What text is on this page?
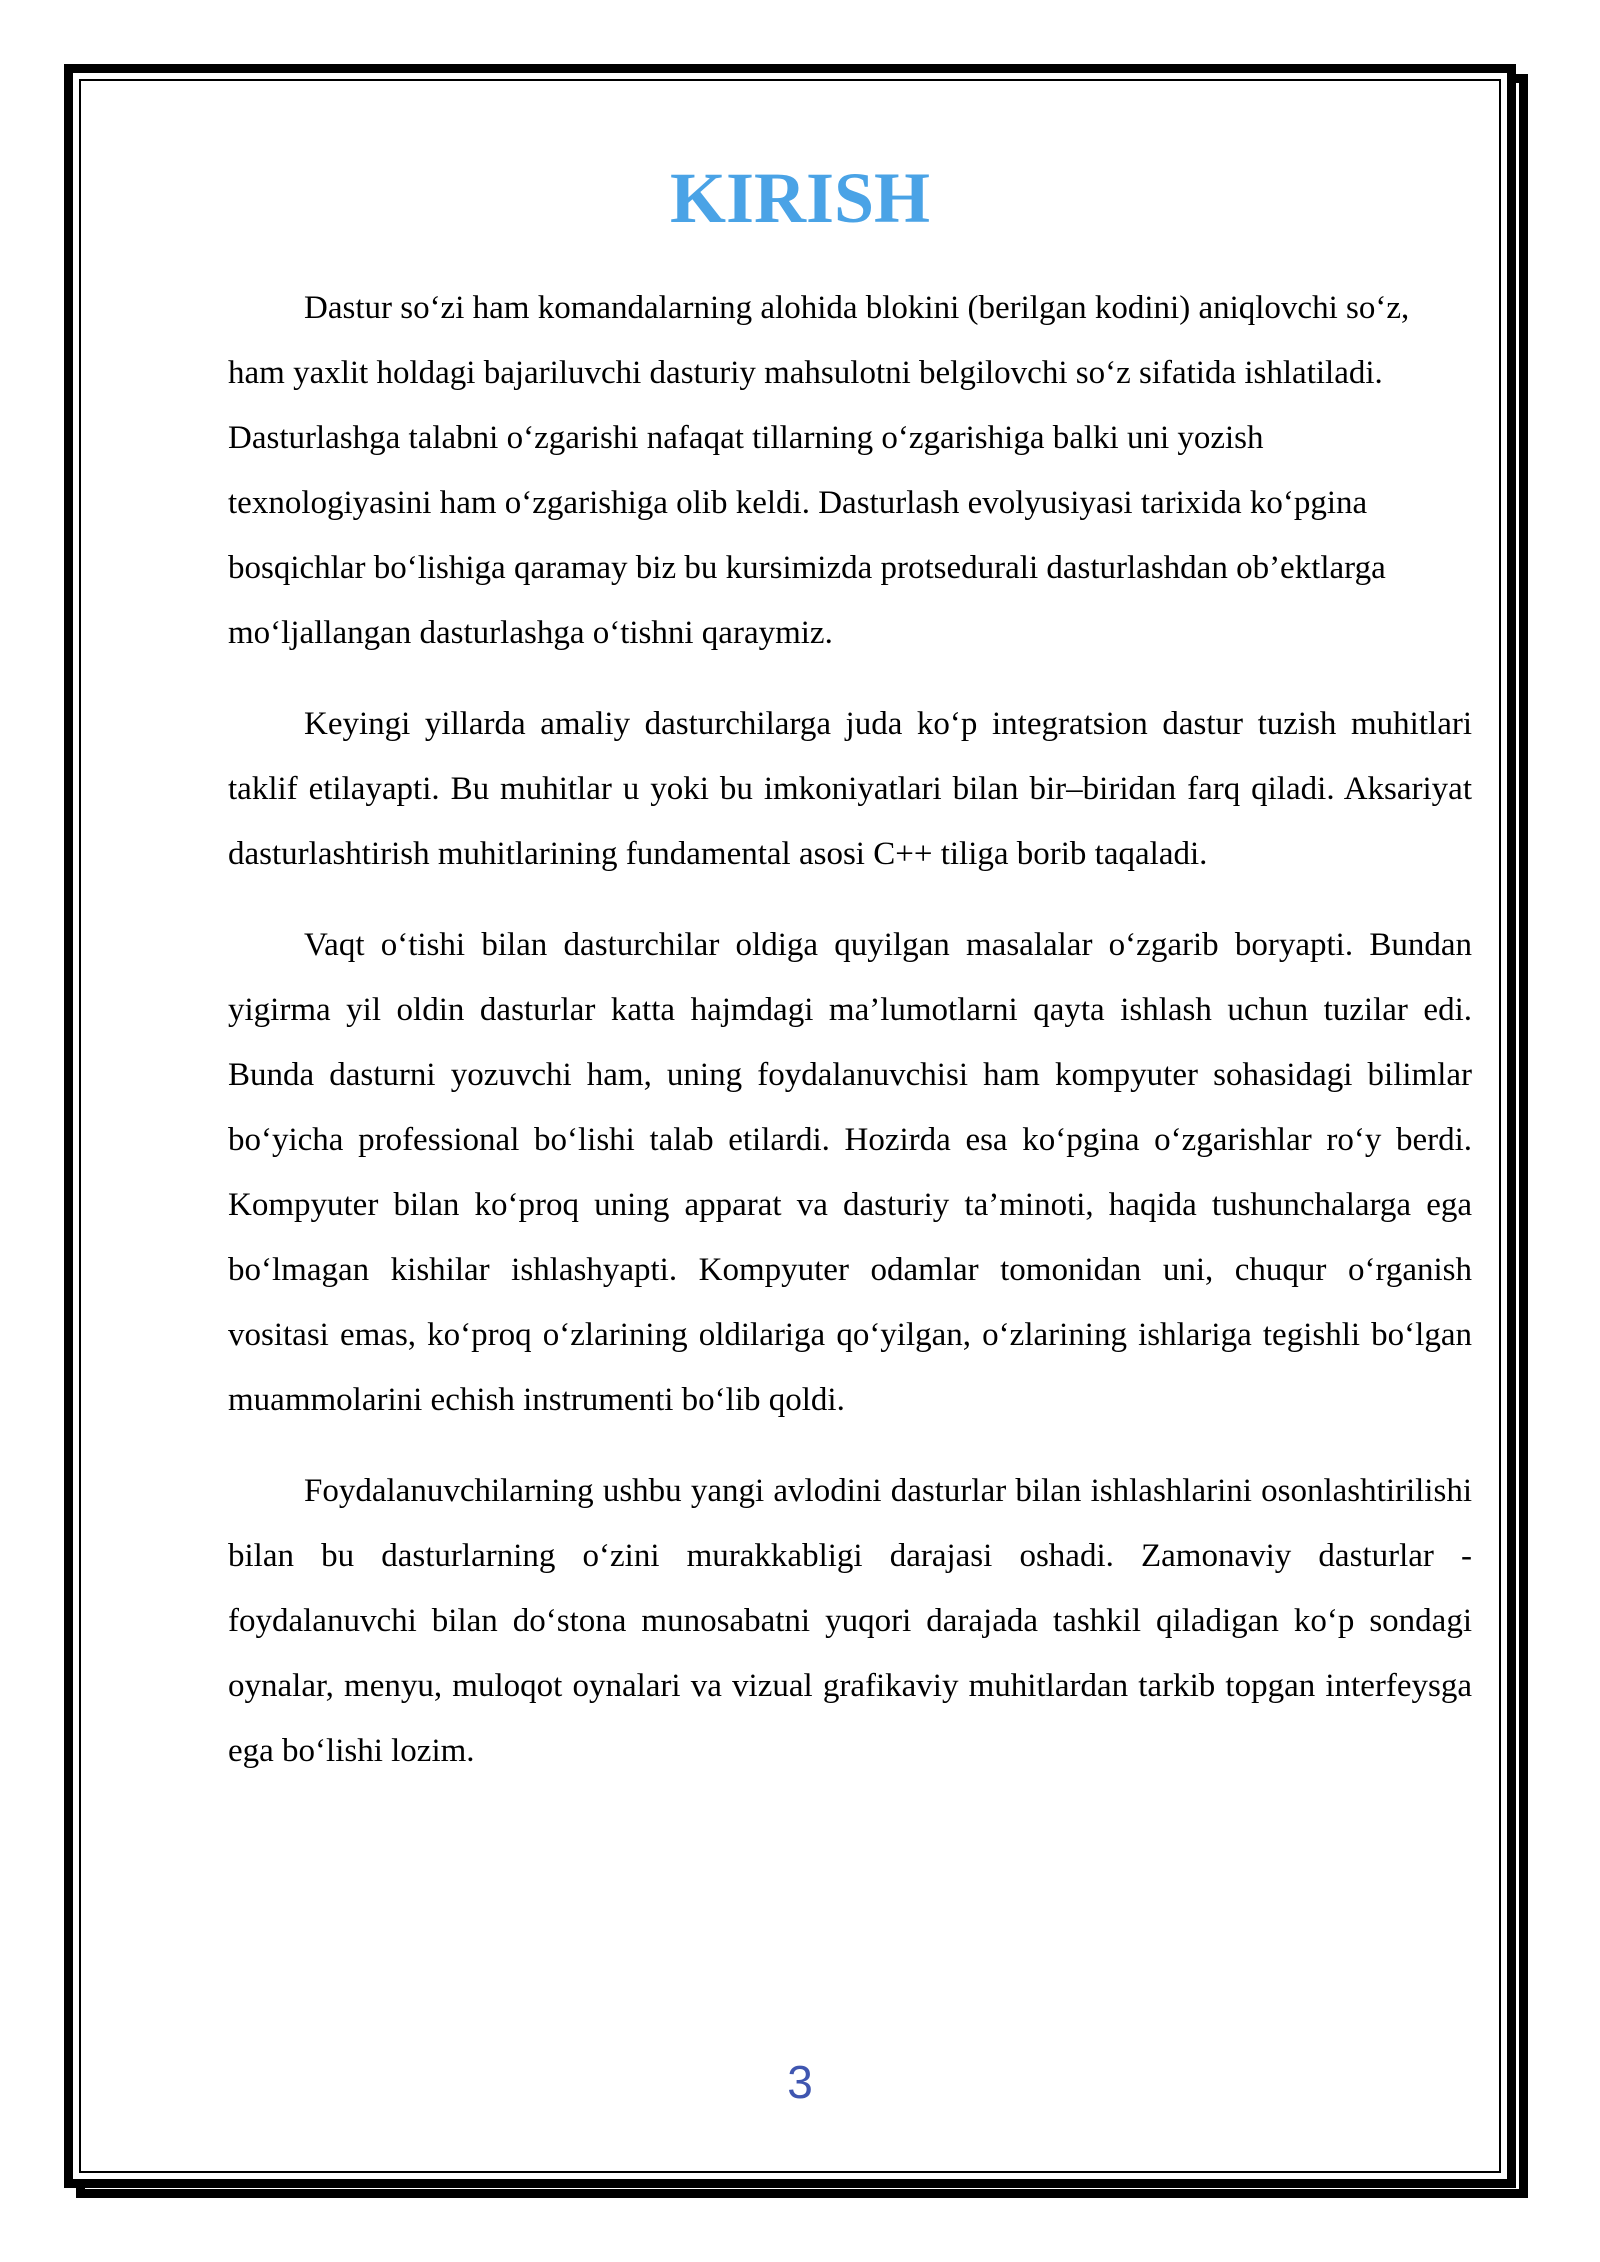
KIRISH

Dastur so‘zi ham komandalarning alohida blokini (berilgan kodini) aniqlovchi so‘z, ham yaxlit holdagi bajariluvchi dasturiy mahsulotni belgilovchi so‘z sifatida ishlatiladi. Dasturlashga talabni o‘zgarishi nafaqat tillarning o‘zgarishiga balki uni yozish texnologiyasini ham o‘zgarishiga olib keldi. Dasturlash evolyusiyasi tarixida ko‘pgina bosqichlar bo‘lishiga qaramay biz bu kursimizda protsedurali dasturlashdan ob’ektlarga mo‘ljallangan dasturlashga o‘tishni qaraymiz.

Keyingi yillarda amaliy dasturchilarga juda ko‘p integratsion dastur tuzish muhitlari taklif etilayapti. Bu muhitlar u yoki bu imkoniyatlari bilan bir–biridan farq qiladi. Aksariyat dasturlashtirish muhitlarining fundamental asosi C++ tiliga borib taqaladi.

Vaqt o‘tishi bilan dasturchilar oldiga quyilgan masalalar o‘zgarib boryapti. Bundan yigirma yil oldin dasturlar katta hajmdagi ma’lumotlarni qayta ishlash uchun tuzilar edi. Bunda dasturni yozuvchi ham, uning foydalanuvchisi ham kompyuter sohasidagi bilimlar bo‘yicha professional bo‘lishi talab etilardi. Hozirda esa ko‘pgina o‘zgarishlar ro‘y berdi. Kompyuter bilan ko‘proq uning apparat va dasturiy ta’minoti, haqida tushunchalarga ega bo‘lmagan kishilar ishlashyapti. Kompyuter odamlar tomonidan uni, chuqur o‘rganish vositasi emas, ko‘proq o‘zlarining oldilariga qo‘yilgan, o‘zlarining ishlariga tegishli bo‘lgan muammolarini echish instrumenti bo‘lib qoldi.

Foydalanuvchilarning ushbu yangi avlodini dasturlar bilan ishlashlarini osonlashtirilishi bilan bu dasturlarning o‘zini murakkabligi darajasi oshadi. Zamonaviy dasturlar - foydalanuvchi bilan do‘stona munosabatni yuqori darajada tashkil qiladigan ko‘p sondagi oynalar, menyu, muloqot oynalari va vizual grafikaviy muhitlardan tarkib topgan interfeysga ega bo‘lishi lozim.

3
